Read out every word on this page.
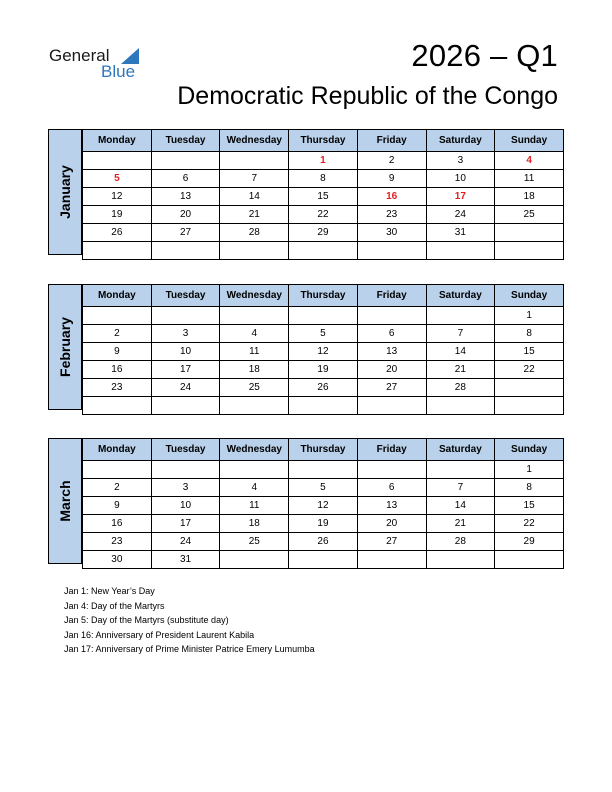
General
Blue	2026 – Q1
Democratic Republic of the Congo
January
Monday	Tuesday	Wednesday	Thursday	Friday	Saturday	Sunday
			1	2	3	4
5	6	7	8	9	10	11
12	13	14	15	16	17	18
19	20	21	22	23	24	25
26	27	28	29	30	31	

February
Monday	Tuesday	Wednesday	Thursday	Friday	Saturday	Sunday
						1
2	3	4	5	6	7	8
9	10	11	12	13	14	15
16	17	18	19	20	21	22
23	24	25	26	27	28	

March
Monday	Tuesday	Wednesday	Thursday	Friday	Saturday	Sunday
						1
2	3	4	5	6	7	8
9	10	11	12	13	14	15
16	17	18	19	20	21	22
23	24	25	26	27	28	29
30	31					
Jan 1: New Year’s Day
Jan 4: Day of the Martyrs
Jan 5: Day of the Martyrs (substitute day)
Jan 16: Anniversary of President Laurent Kabila
Jan 17: Anniversary of Prime Minister Patrice Emery Lumumba
